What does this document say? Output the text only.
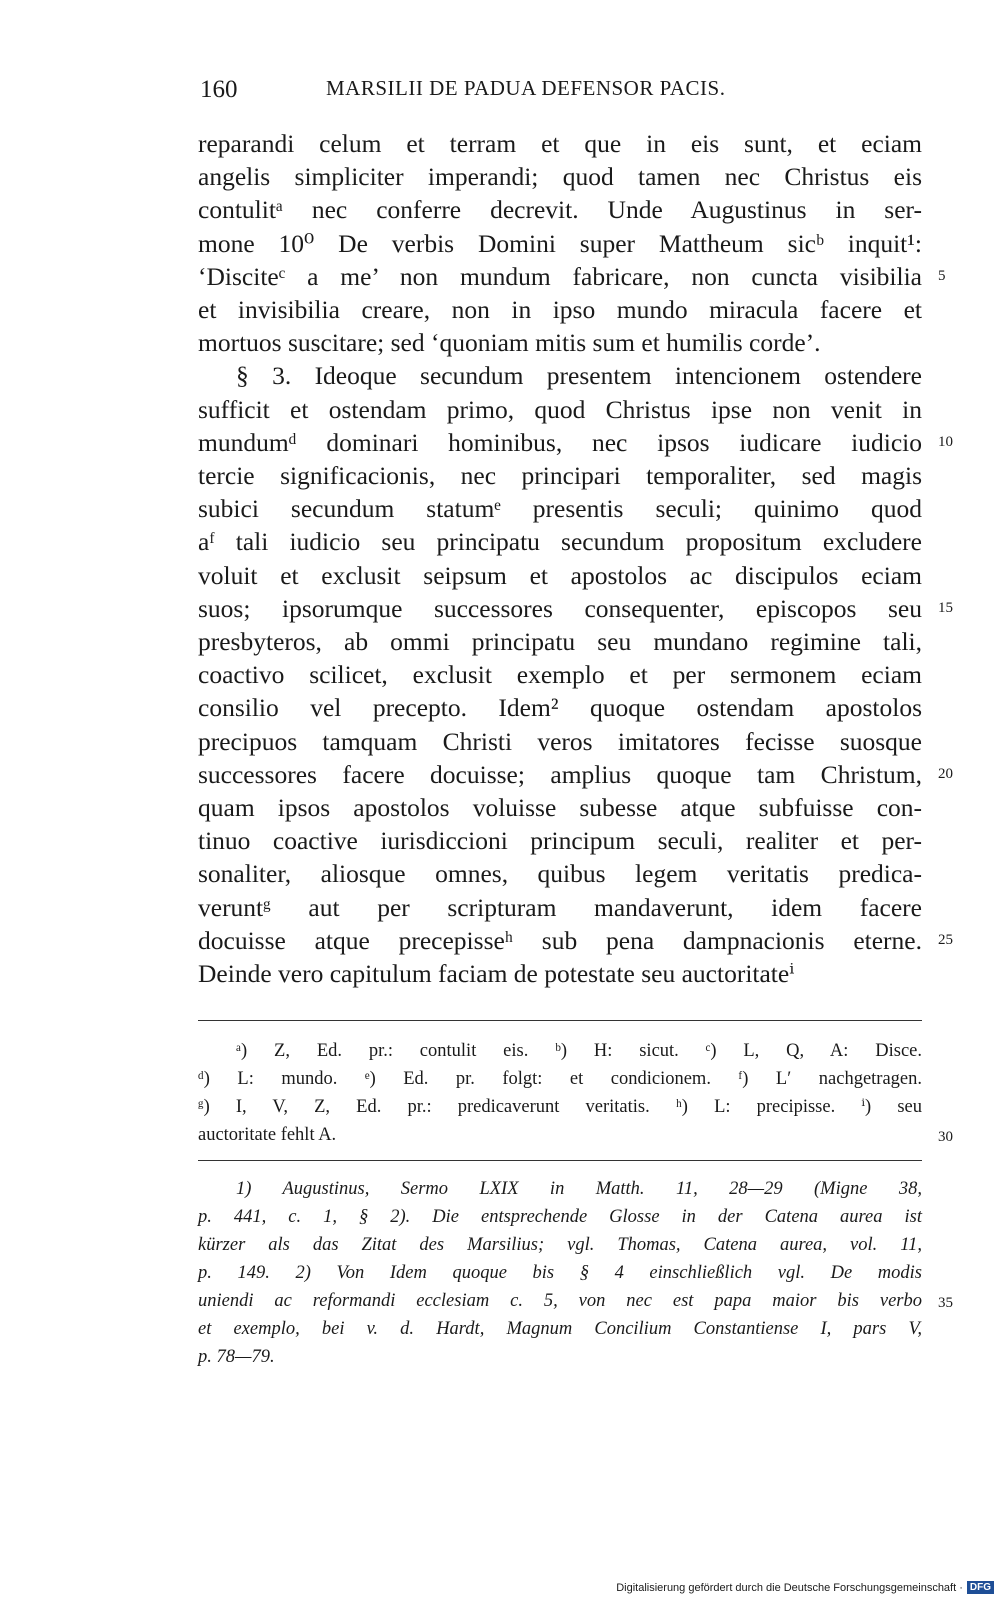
160	MARSILII DE PADUA DEFENSOR PACIS.
reparandi celum et terram et que in eis sunt, et eciam
angelis simpliciter imperandi; quod tamen nec Christus eis
contulitᵃ nec conferre decrevit. Unde Augustinus in ser-
mone 10⁰ De verbis Domini super Mattheum sicᵇ inquit¹:
‘Disciteᶜ a me’ non mundum fabricare, non cuncta visibilia 5
et invisibilia creare, non in ipso mundo miracula facere et
mortuos suscitare; sed ‘quoniam mitis sum et humilis corde’.
§ 3. Ideoque secundum presentem intencionem ostendere
sufficit et ostendam primo, quod Christus ipse non venit in
mundumᵈ dominari hominibus, nec ipsos iudicare iudicio 10
tercie significacionis, nec principari temporaliter, sed magis
subici secundum statumᵉ presentis seculi; quinimo quod
aᶠ tali iudicio seu principatu secundum propositum excludere
voluit et exclusit seipsum et apostolos ac discipulos eciam
suos; ipsorumque successores consequenter, episcopos seu 15
presbyteros, ab ommi principatu seu mundano regimine tali,
coactivo scilicet, exclusit exemplo et per sermonem eciam
consilio vel precepto. Idem² quoque ostendam apostolos
precipuos tamquam Christi veros imitatores fecisse suosque
successores facere docuisse; amplius quoque tam Christum, 20
quam ipsos apostolos voluisse subesse atque subfuisse con-
tinuo coactive iurisdiccioni principum seculi, realiter et per-
sonaliter, aliosque omnes, quibus legem veritatis predica-
veruntᵍ aut per scripturam mandaverunt, idem facere
docuisse atque precepisseʰ sub pena dampnacionis eterne. 25
Deinde vero capitulum faciam de potestate seu auctoritateⁱ
ᵃ) Z, Ed. pr.: contulit eis. ᵇ) H: sicut. ᶜ) L, Q, A: Disce.
ᵈ) L: mundo. ᵉ) Ed. pr. folgt: et condicionem. ᶠ) L′ nachgetragen.
ᵍ) I, V, Z, Ed. pr.: predicaverunt veritatis. ʰ) L: precipisse. ⁱ) seu
auctoritate fehlt A.	30
1) Augustinus, Sermo LXIX in Matth. 11, 28—29 (Migne 38,
p. 441, c. 1, § 2). Die entsprechende Glosse in der Catena aurea ist
kürzer als das Zitat des Marsilius; vgl. Thomas, Catena aurea, vol. 11,
p. 149. 2) Von Idem quoque bis § 4 einschließlich vgl. De modis
uniendi ac reformandi ecclesiam c. 5, von nec est papa maior bis verbo 35
et exemplo, bei v. d. Hardt, Magnum Concilium Constantiense I, pars V,
p. 78—79.
Digitalisierung gefördert durch die Deutsche Forschungsgemeinschaft · DFG
